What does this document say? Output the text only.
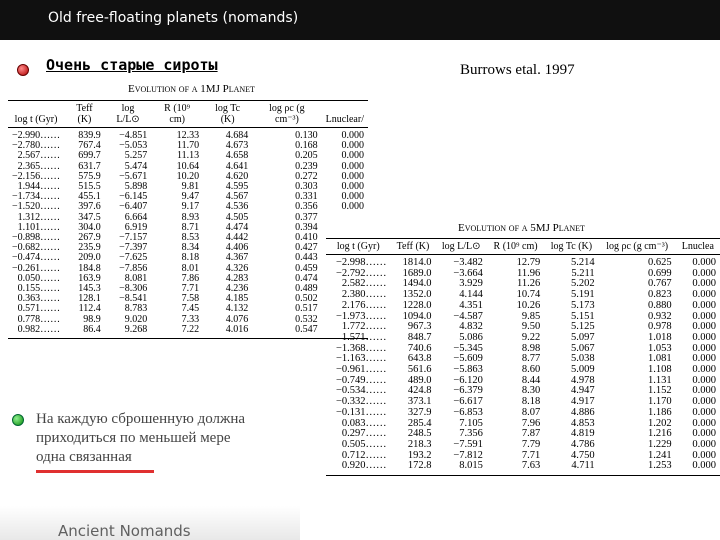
Old free-floating planets (nomands)
Очень старые сироты	Burrows etal. 1997
Evolution of a 1MJ Planet
log t (Gyr)	Teff (K)	log L/L⊙	R (10⁹ cm)	log Tc (K)	log ρc (g cm⁻³)	Lnuclear/
−2.990……	839.9	−4.851	12.33	4.684	0.130	0.000
−2.780……	767.4	−5.053	11.70	4.673	0.168	0.000
2.567……	699.7	5.257	11.13	4.658	0.205	0.000
2.365……	631.7	5.474	10.64	4.641	0.239	0.000
−2.156……	575.9	−5.671	10.20	4.620	0.272	0.000
1.944……	515.5	5.898	9.81	4.595	0.303	0.000
−1.734……	455.1	−6.145	9.47	4.567	0.331	0.000
−1.520……	397.6	−6.407	9.17	4.536	0.356	0.000
1.312……	347.5	6.664	8.93	4.505	0.377	
1.101……	304.0	6.919	8.71	4.474	0.394	
−0.898……	267.9	−7.157	8.53	4.442	0.410	
−0.682……	235.9	−7.397	8.34	4.406	0.427	
−0.474……	209.0	−7.625	8.18	4.367	0.443	
−0.261……	184.8	−7.856	8.01	4.326	0.459	
0.050……	163.9	8.081	7.86	4.283	0.474	
0.155……	145.3	−8.306	7.71	4.236	0.489	
0.363……	128.1	−8.541	7.58	4.185	0.502	
0.571……	112.4	8.783	7.45	4.132	0.517	
0.778……	98.9	9.020	7.33	4.076	0.532	
0.982……	86.4	9.268	7.22	4.016	0.547	
Evolution of a 5MJ Planet
log t (Gyr)	Teff (K)	log L/L⊙	R (10⁹ cm)	log Tc (K)	log ρc (g cm⁻³)	Lnuclea
−2.998……	1814.0	−3.482	12.79	5.214	0.625	0.000
−2.792……	1689.0	−3.664	11.96	5.211	0.699	0.000
2.582……	1494.0	3.929	11.26	5.202	0.767	0.000
2.380……	1352.0	4.144	10.74	5.191	0.823	0.000
2.176……	1228.0	4.351	10.26	5.173	0.880	0.000
−1.973……	1094.0	−4.587	9.85	5.151	0.932	0.000
1.772……	967.3	4.832	9.50	5.125	0.978	0.000
1.571……	848.7	5.086	9.22	5.097	1.018	0.000
−1.368……	740.6	−5.345	8.98	5.067	1.053	0.000
−1.163……	643.8	−5.609	8.77	5.038	1.081	0.000
−0.961……	561.6	−5.863	8.60	5.009	1.108	0.000
−0.749……	489.0	−6.120	8.44	4.978	1.131	0.000
−0.534……	424.8	−6.379	8.30	4.947	1.152	0.000
−0.332……	373.1	−6.617	8.18	4.917	1.170	0.000
−0.131……	327.9	−6.853	8.07	4.886	1.186	0.000
0.083……	285.4	7.105	7.96	4.853	1.202	0.000
0.297……	248.5	7.356	7.87	4.819	1.216	0.000
0.505……	218.3	−7.591	7.79	4.786	1.229	0.000
0.712……	193.2	−7.812	7.71	4.750	1.241	0.000
0.920……	172.8	8.015	7.63	4.711	1.253	0.000
На каждую сброшенную должна
приходиться по меньшей мере
одна связанная
Ancient Nomands
